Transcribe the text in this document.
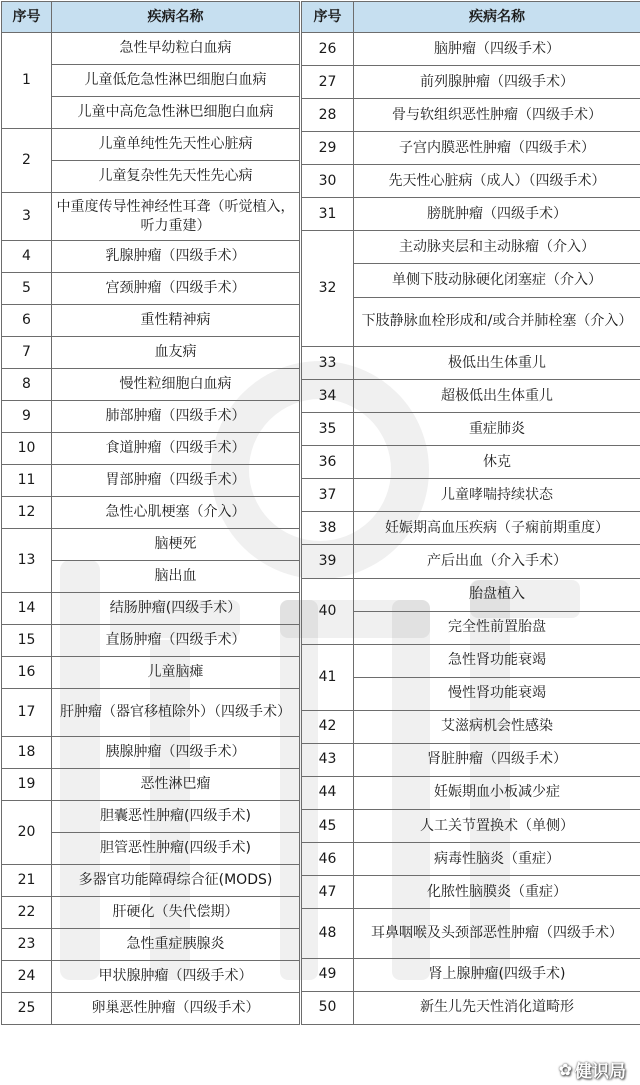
序号	疾病名称
1	急性早幼粒白血病
	儿童低危急性淋巴细胞白血病
	儿童中高危急性淋巴细胞白血病
2	儿童单纯性先天性心脏病
	儿童复杂性先天性先心病
3	中重度传导性神经性耳聋（听觉植入，听力重建）
4	乳腺肿瘤（四级手术）
5	宫颈肿瘤（四级手术）
6	重性精神病
7	血友病
8	慢性粒细胞白血病
9	肺部肿瘤（四级手术）
10	食道肿瘤（四级手术）
11	胃部肿瘤（四级手术）
12	急性心肌梗塞（介入）
13	脑梗死
	脑出血
14	结肠肿瘤(四级手术）
15	直肠肿瘤（四级手术）
16	儿童脑瘫
17	肝肿瘤（器官移植除外）（四级手术）
18	胰腺肿瘤（四级手术）
19	恶性淋巴瘤
20	胆囊恶性肿瘤(四级手术)
	胆管恶性肿瘤(四级手术)
21	多器官功能障碍综合征(MODS)
22	肝硬化（失代偿期）
23	急性重症胰腺炎
24	甲状腺肿瘤（四级手术）
25	卵巢恶性肿瘤（四级手术）
序号	疾病名称
26	脑肿瘤（四级手术）
27	前列腺肿瘤（四级手术）
28	骨与软组织恶性肿瘤（四级手术）
29	子宫内膜恶性肿瘤（四级手术）
30	先天性心脏病（成人）（四级手术）
31	膀胱肿瘤（四级手术）
32	主动脉夹层和主动脉瘤（介入）
	单侧下肢动脉硬化闭塞症（介入）
	下肢静脉血栓形成和/或合并肺栓塞（介入）
33	极低出生体重儿
34	超极低出生体重儿
35	重症肺炎
36	休克
37	儿童哮喘持续状态
38	妊娠期高血压疾病（子痫前期重度）
39	产后出血（介入手术）
40	胎盘植入
	完全性前置胎盘
41	急性肾功能衰竭
	慢性肾功能衰竭
42	艾滋病机会性感染
43	肾脏肿瘤（四级手术）
44	妊娠期血小板减少症
45	人工关节置换术（单侧）
46	病毒性脑炎（重症）
47	化脓性脑膜炎（重症）
48	耳鼻咽喉及头颈部恶性肿瘤（四级手术）
49	肾上腺肿瘤(四级手术)
50	新生儿先天性消化道畸形
✿ 健识局
